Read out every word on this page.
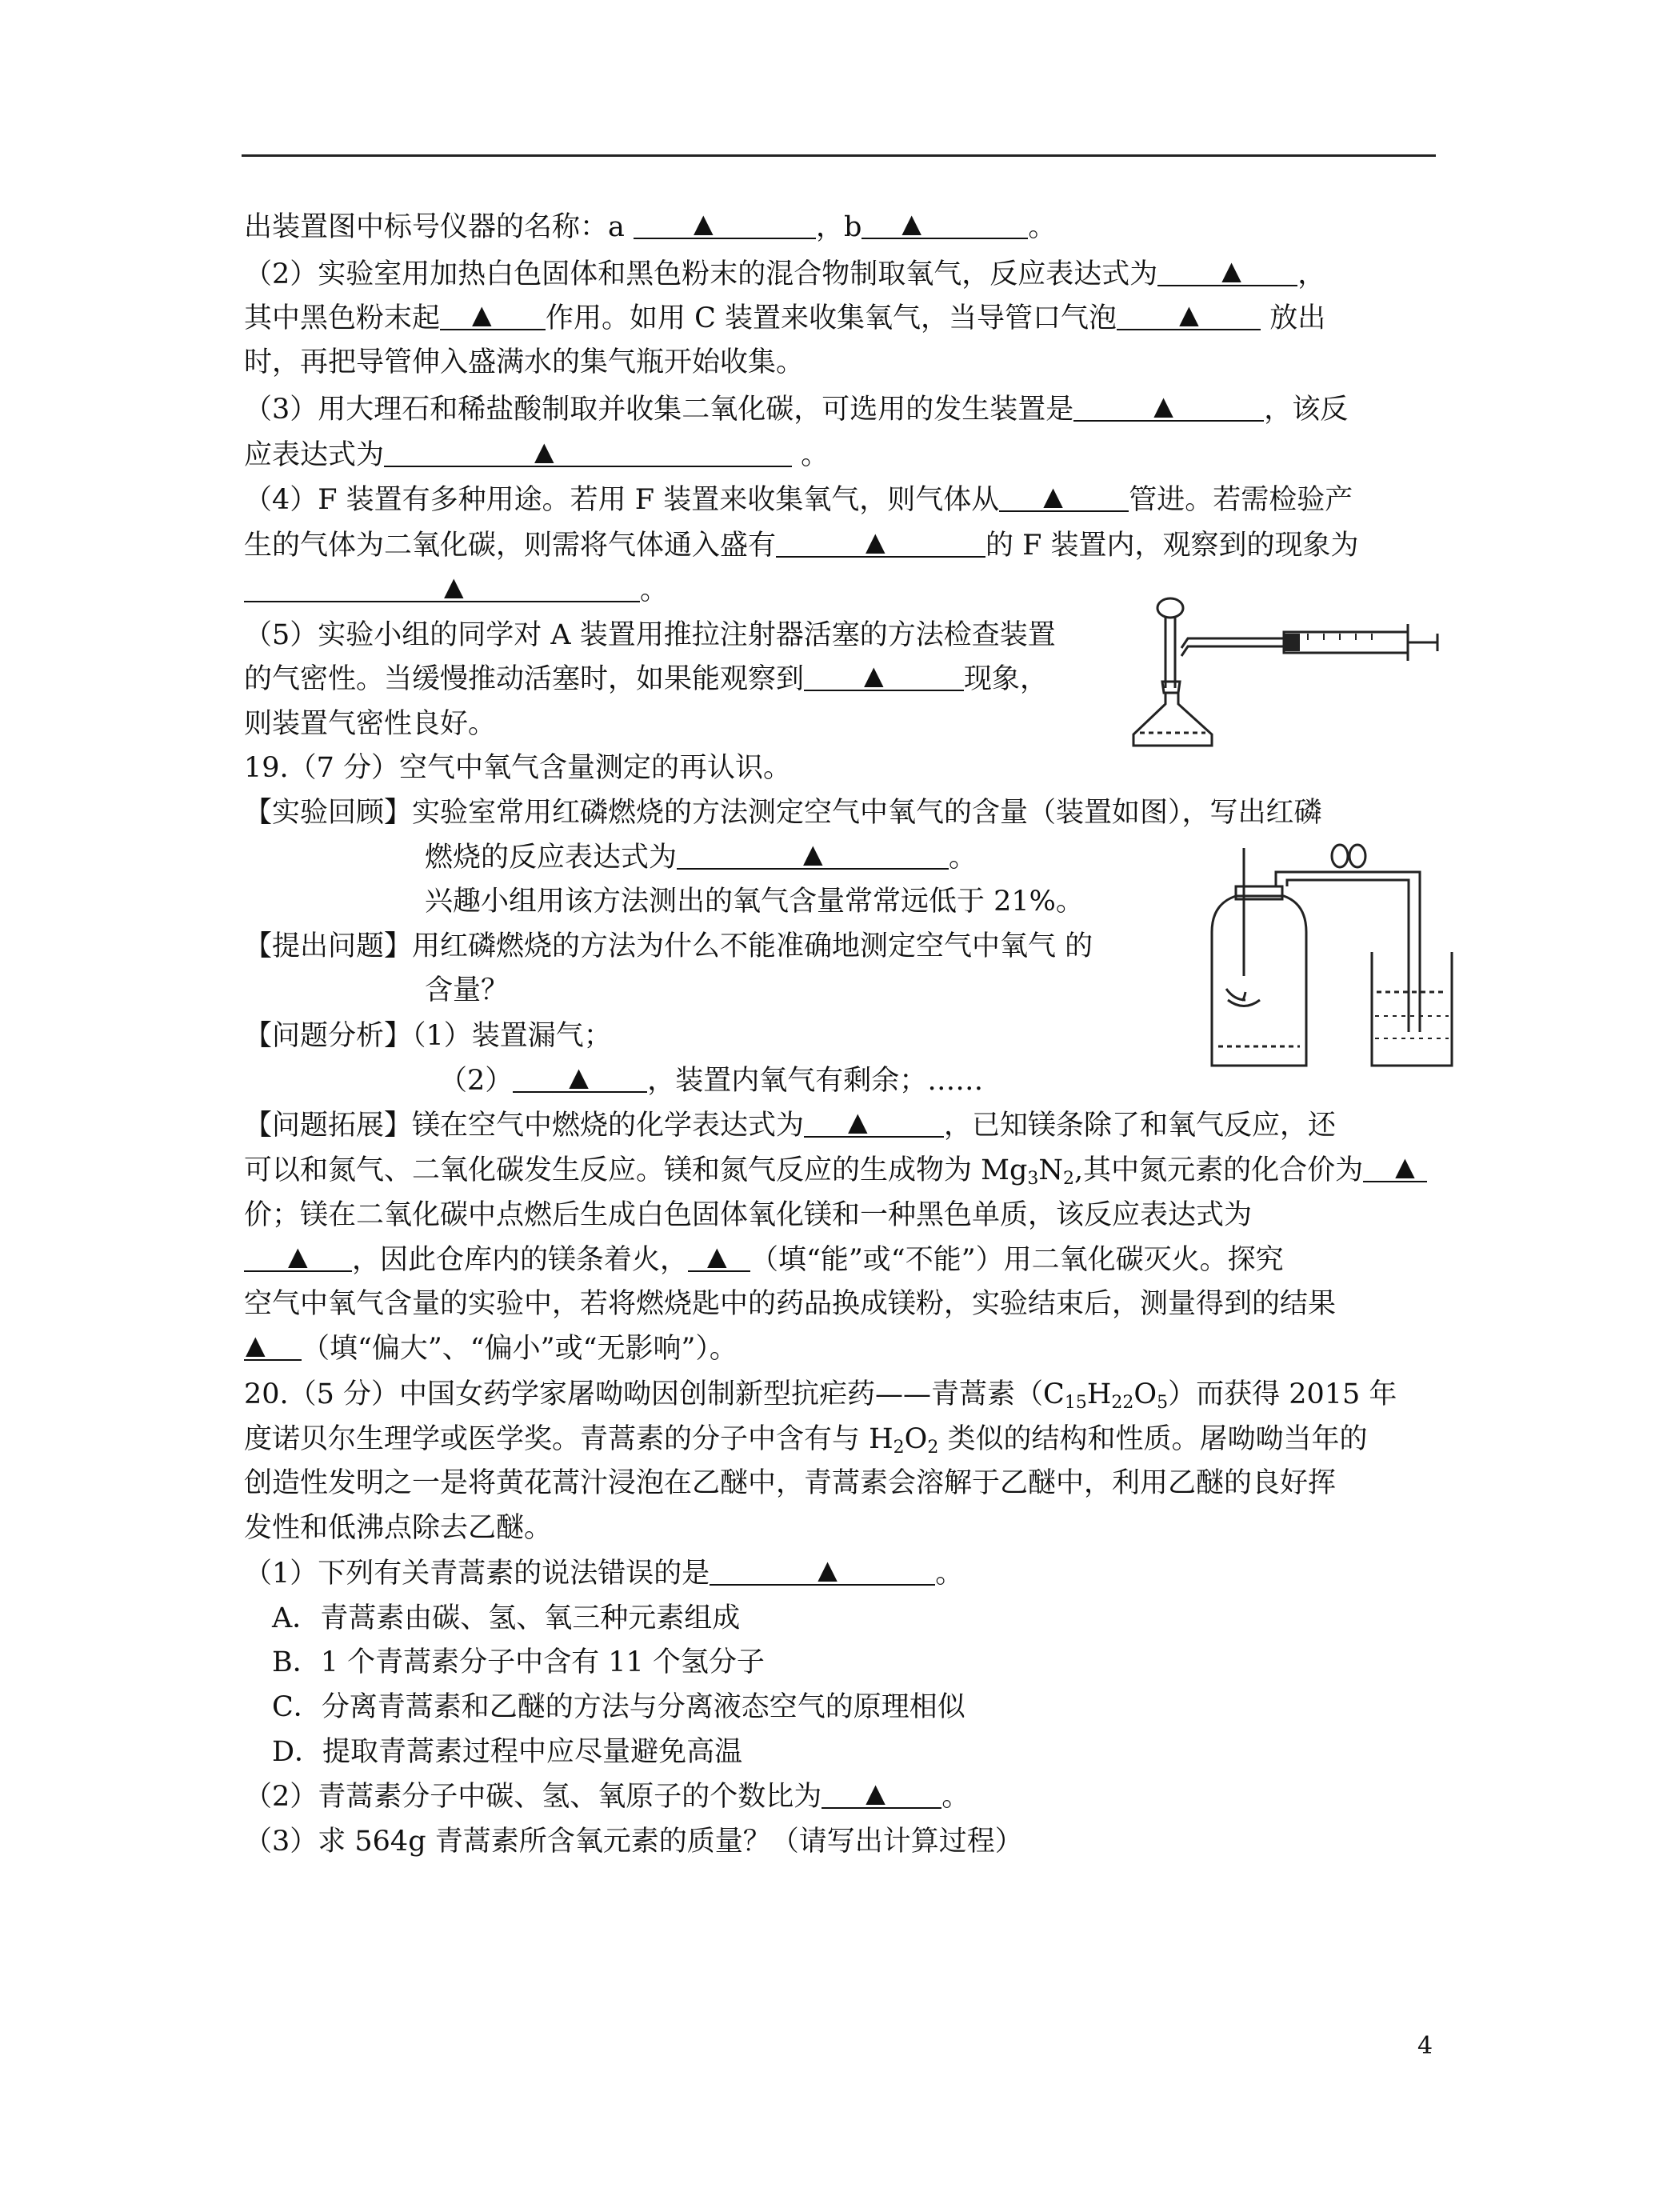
出装置图中标号仪器的名称：a ▲	，b ▲	。
（2）实验室用加热白色固体和黑色粉末的混合物制取氧气，反应表达式为	▲ ，
其中黑色粉末起 ▲ 作用。如用 C 装置来收集氧气，当导管口气泡 ▲ 放出
时，再把导管伸入盛满水的集气瓶开始收集。
（3）用大理石和稀盐酸制取并收集二氧化碳，可选用的发生装置是	▲	，该反
应表达式为	▲	。
（4）F 装置有多种用途。若用 F 装置来收集氧气，则气体从 ▲ 管进。若需检验产
生的气体为二氧化碳，则需将气体通入盛有	▲	的 F 装置内，观察到的现象为
▲	。
（5）实验小组的同学对 A 装置用推拉注射器活塞的方法检查装置
的气密性。当缓慢推动活塞时，如果能观察到 ▲	现象，
则装置气密性良好。
19.（7 分）空气中氧气含量测定的再认识。
【实验回顾】实验室常用红磷燃烧的方法测定空气中氧气的含量（装置如图），写出红磷
燃烧的反应表达式为	▲	。
兴趣小组用该方法测出的氧气含量常常远低于 21%。
【提出问题】用红磷燃烧的方法为什么不能准确地测定空气中氧气 的
含量？
【问题分析】（1）装置漏气；
（2） ▲ ，装置内氧气有剩余；……
【问题拓展】镁在空气中燃烧的化学表达式为 ▲	，已知镁条除了和氧气反应，还
可以和氮气、二氧化碳发生反应。镁和氮气反应的生成物为 $Mg_3N_2$,其中氮元素的化合价为 ▲
价；镁在二氧化碳中点燃后生成白色固体氧化镁和一种黑色单质，该反应表达式为
▲ ，因此仓库内的镁条着火， ▲ （填“能”或“不能”）用二氧化碳灭火。探究
空气中氧气含量的实验中，若将燃烧匙中的药品换成镁粉，实验结束后，测量得到的结果
▲ （填“偏大”、“偏小”或“无影响”）。
20.（5 分）中国女药学家屠呦呦因创制新型抗疟药——青蒿素$(C_{15}H_{22}O_5)$而获得 2015 年
度诺贝尔生理学或医学奖。青蒿素的分子中含有与 $H_2O_2$ 类似的结构和性质。屠呦呦当年的
创造性发明之一是将黄花蒿汁浸泡在乙醚中，青蒿素会溶解于乙醚中，利用乙醚的良好挥
发性和低沸点除去乙醚。
（1）下列有关青蒿素的说法错误的是	▲	。
A．青蒿素由碳、氢、氧三种元素组成
B．1 个青蒿素分子中含有 11 个氢分子
C．分离青蒿素和乙醚的方法与分离液态空气的原理相似
D．提取青蒿素过程中应尽量避免高温
（2）青蒿素分子中碳、氢、氧原子的个数比为 ▲ 。
（3）求 564g 青蒿素所含氧元素的质量？（请写出计算过程）
4
